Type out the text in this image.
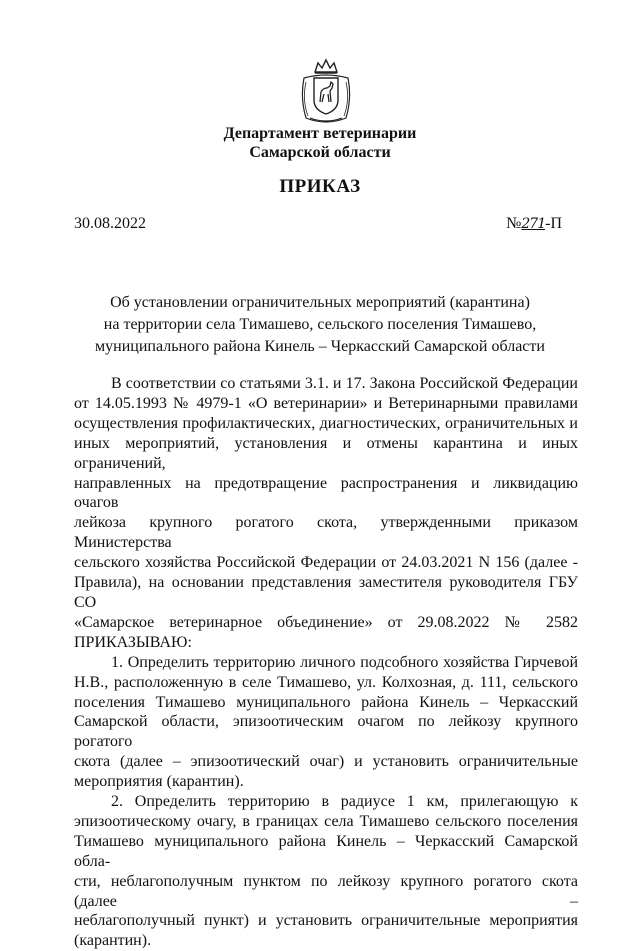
Департамент ветеринарии
Самарской области
ПРИКАЗ
30.08.2022	№271-П
Об установлении ограничительных мероприятий (карантина)
на территории села Тимашево, сельского поселения Тимашево,
муниципального района Кинель – Черкасский Самарской области
В соответствии со статьями 3.1. и 17. Закона Российской Федерации
от 14.05.1993 № 4979-1 «О ветеринарии» и Ветеринарными правилами
осуществления профилактических, диагностических, ограничительных и
иных мероприятий, установления и отмены карантина и иных ограничений,
направленных на предотвращение распространения и ликвидацию очагов
лейкоза крупного рогатого скота, утвержденными приказом Министерства
сельского хозяйства Российской Федерации от 24.03.2021 N 156 (далее -
Правила), на основании представления заместителя руководителя ГБУ СО
«Самарское ветеринарное объединение» от 29.08.2022 № 2582
ПРИКАЗЫВАЮ:
1. Определить территорию личного подсобного хозяйства Гирчевой
Н.В., расположенную в селе Тимашево, ул. Колхозная, д. 111, сельского
поселения Тимашево муниципального района Кинель – Черкасский
Самарской области, эпизоотическим очагом по лейкозу крупного рогатого
скота (далее – эпизоотический очаг) и установить ограничительные
мероприятия (карантин).
2. Определить территорию в радиусе 1 км, прилегающую к
эпизоотическому очагу, в границах села Тимашево сельского поселения
Тимашево муниципального района Кинель – Черкасский Самарской обла-
сти, неблагополучным пунктом по лейкозу крупного рогатого скота (далее –
неблагополучный пункт) и установить ограничительные мероприятия
(карантин).
